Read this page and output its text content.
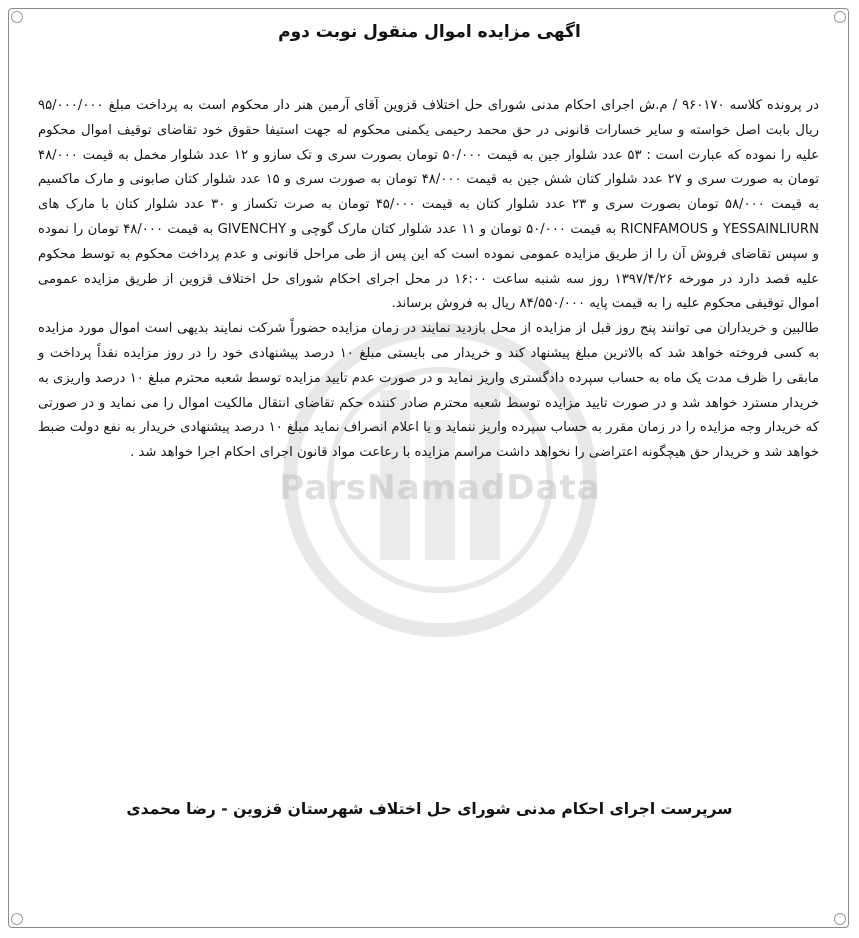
ParsNamadData
اگهی مزایده اموال منقول نوبت دوم

در پرونده کلاسه ۹۶۰۱۷۰ / م.ش اجرای احکام مدنی شورای حل اختلاف قزوین آقای آرمین هنر دار محکوم است به پرداخت مبلغ ۹۵/۰۰۰/۰۰۰ ریال بابت اصل خواسته و سایر خسارات قانونی در حق محمد رحیمی یکمنی محکوم له جهت استیفا حقوق خود تقاضای توقیف اموال محکوم علیه را نموده که عبارت است : ۵۳ عدد شلوار جین به قیمت ۵۰/۰۰۰ تومان بصورت سری و تک سازو و ۱۲ عدد شلوار مخمل به قیمت ۴۸/۰۰۰ تومان به صورت سری و ۲۷ عدد شلوار کتان شش جین به قیمت ۴۸/۰۰۰ تومان به صورت سری و ۱۵ عدد شلوار کتان صابونی و مارک ماکسیم به قیمت ۵۸/۰۰۰ تومان بصورت سری و ۲۳ عدد شلوار کتان به قیمت ۴۵/۰۰۰ تومان به صرت تکساز و ۳۰ عدد شلوار کتان با مارک های YESSAINLIURN و RICNFAMOUS به قیمت ۵۰/۰۰۰ تومان و ۱۱ عدد شلوار کتان مارک گوچی و GIVENCHY به قیمت ۴۸/۰۰۰ تومان را نموده و سپس تقاضای فروش آن را از طریق مزایده عمومی نموده است که این پس از طی مراحل قانونی و عدم پرداخت محکوم به توسط محکوم علیه قصد دارد در مورخه ۱۳۹۷/۴/۲۶ روز سه شنبه ساعت ۱۶:۰۰ در محل اجرای احکام شورای حل اختلاف قزوین از طریق مزایده عمومی اموال توقیفی محکوم علیه را به قیمت پایه ۸۴/۵۵۰/۰۰۰ ریال به فروش برساند.

طالبین و خریداران می توانند پنج روز قبل از مزایده از محل بازدید نمایند در زمان مزایده حضوراً شرکت نمایند بدیهی است اموال مورد مزایده به کسی فروخته خواهد شد که بالاترین مبلغ پیشنهاد کند و خریدار می بایستی مبلغ ۱۰ درصد پیشنهادی خود را در روز مزایده نقداً پرداخت و مابقی را ظرف مدت یک ماه به حساب سپرده دادگستری واریز نماید و در صورت عدم تایید مزایده توسط شعبه محترم مبلغ ۱۰ درصد واریزی به خریدار مسترد خواهد شد و در صورت تایید مزایده توسط شعبه محترم صادر کننده حکم تقاضای انتقال مالکیت اموال را می نماید و در صورتی که خریدار وجه مزایده را در زمان مقرر به حساب سپرده واریز ننماید و یا اعلام انصراف نماید مبلغ ۱۰ درصد پیشنهادی خریدار به نفع دولت ضبط خواهد شد و خریدار حق هیچگونه اعتراضی را نخواهد داشت مراسم مزایده با رعاعت مواد قانون اجرای احکام اجرا خواهد شد .

سرپرست اجرای احکام مدنی شورای حل اختلاف شهرستان قزوین - رضا محمدی
